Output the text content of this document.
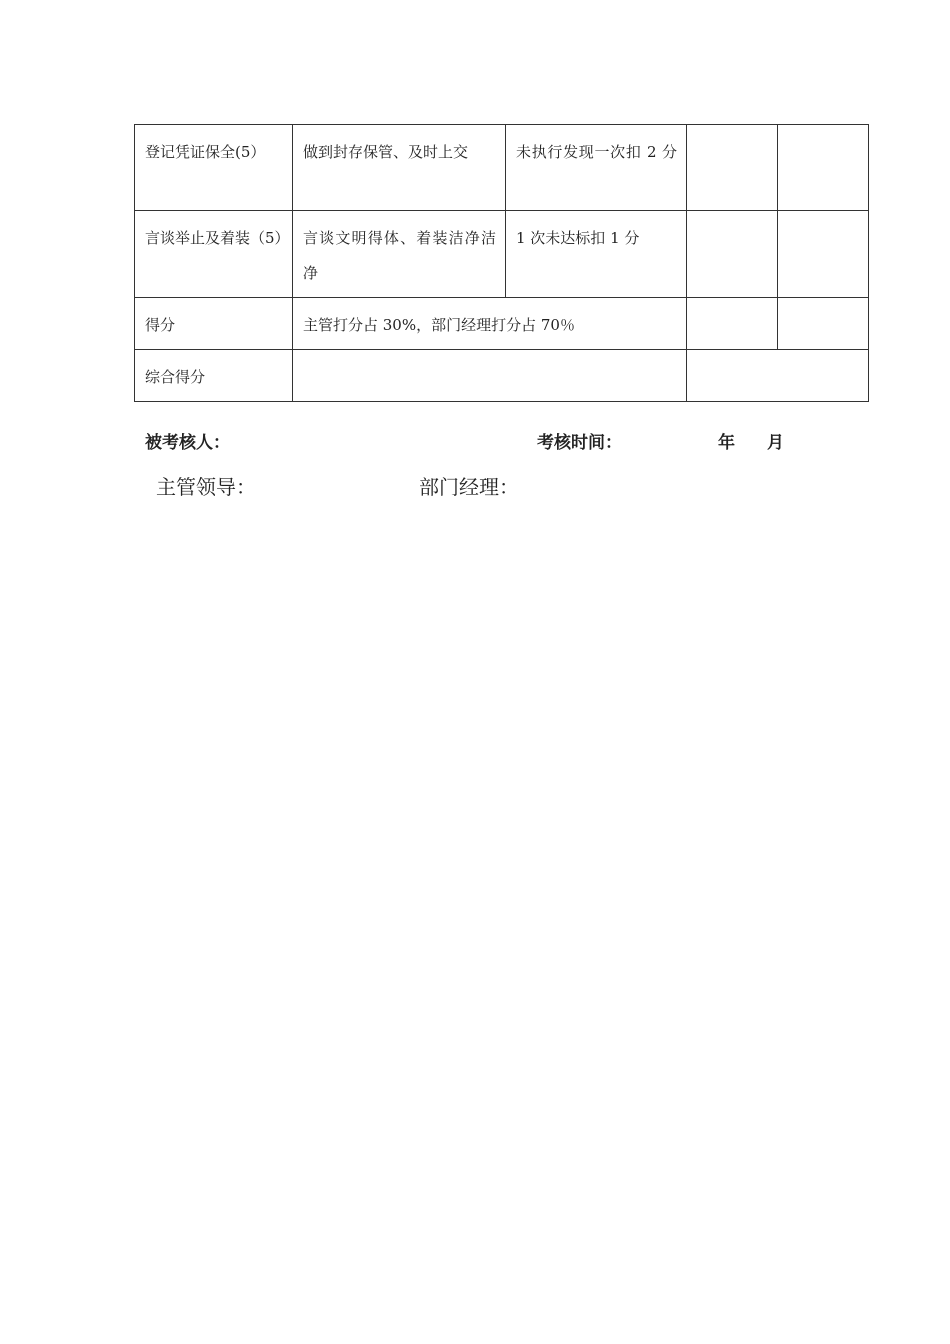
登记凭证保全(5）	做到封存保管、及时上交	未执行发现一次扣 2 分		
言谈举止及着装（5）	言谈文明得体、着装洁净洁净	1 次未达标扣 1 分		
得分	主管打分占 30%，部门经理打分占 70％			
综合得分				
被考核人：	考核时间：	年 月
主管领导：	部门经理：
